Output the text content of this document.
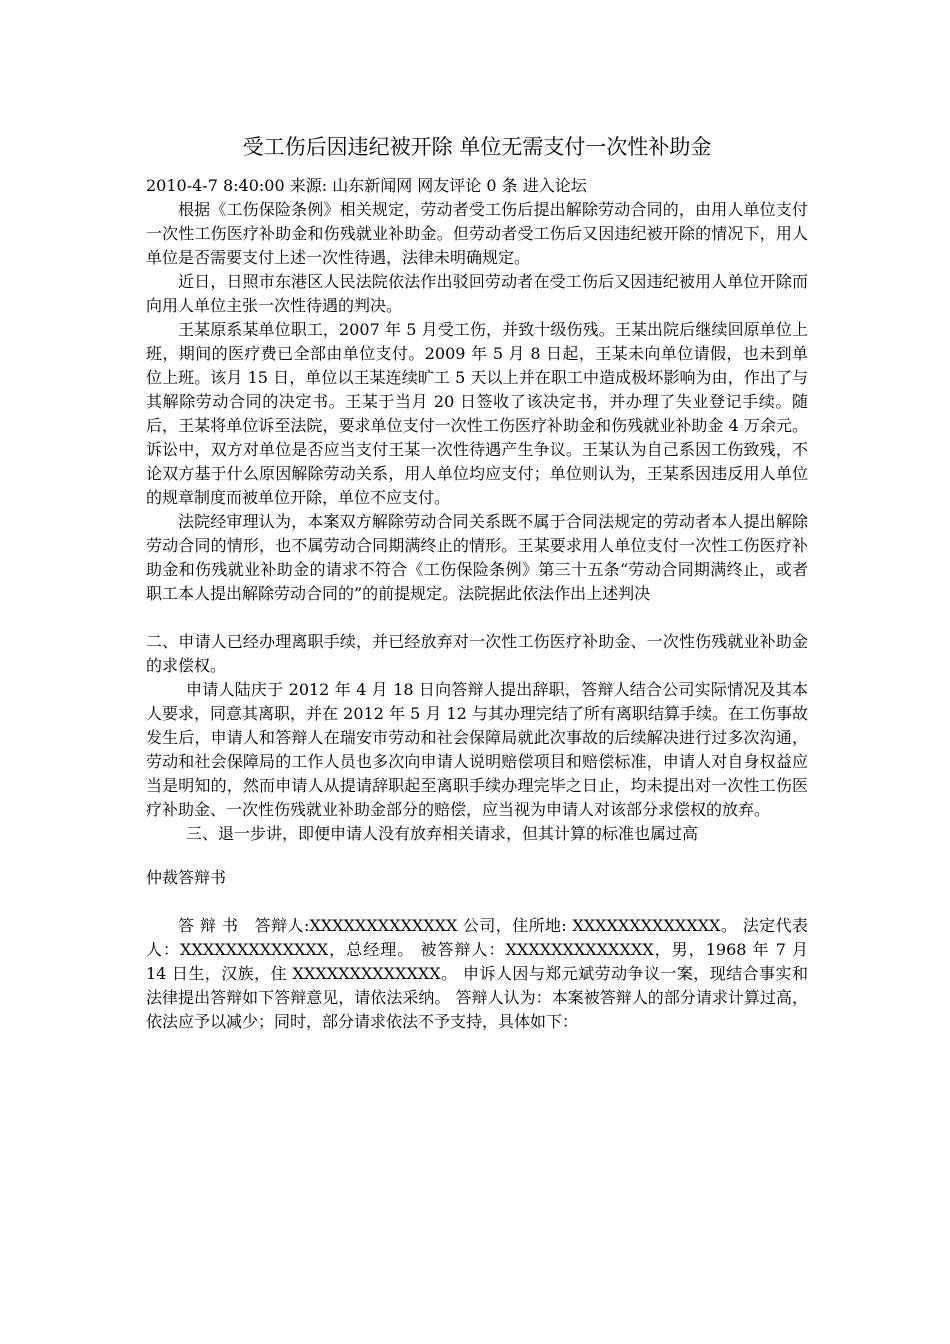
受工伤后因违纪被开除 单位无需支付一次性补助金

2010-4-7 8:40:00 来源: 山东新闻网 网友评论 0 条 进入论坛

根据《工伤保险条例》相关规定，劳动者受工伤后提出解除劳动合同的，由用人单位支付一次性工伤医疗补助金和伤残就业补助金。但劳动者受工伤后又因违纪被开除的情况下，用人单位是否需要支付上述一次性待遇，法律未明确规定。

近日，日照市东港区人民法院依法作出驳回劳动者在受工伤后又因违纪被用人单位开除而向用人单位主张一次性待遇的判决。

王某原系某单位职工，2007 年 5 月受工伤，并致十级伤残。王某出院后继续回原单位上班，期间的医疗费已全部由单位支付。2009 年 5 月 8 日起，王某未向单位请假，也未到单位上班。该月 15 日，单位以王某连续旷工 5 天以上并在职工中造成极坏影响为由，作出了与其解除劳动合同的决定书。王某于当月 20 日签收了该决定书，并办理了失业登记手续。随后，王某将单位诉至法院，要求单位支付一次性工伤医疗补助金和伤残就业补助金 4 万余元。诉讼中，双方对单位是否应当支付王某一次性待遇产生争议。王某认为自己系因工伤致残，不论双方基于什么原因解除劳动关系，用人单位均应支付；单位则认为，王某系因违反用人单位的规章制度而被单位开除，单位不应支付。

法院经审理认为，本案双方解除劳动合同关系既不属于合同法规定的劳动者本人提出解除劳动合同的情形，也不属劳动合同期满终止的情形。王某要求用人单位支付一次性工伤医疗补助金和伤残就业补助金的请求不符合《工伤保险条例》第三十五条“劳动合同期满终止，或者职工本人提出解除劳动合同的”的前提规定。法院据此依法作出上述判决

二、申请人已经办理离职手续，并已经放弃对一次性工伤医疗补助金、一次性伤残就业补助金的求偿权。

申请人陆庆于 2012 年 4 月 18 日向答辩人提出辞职，答辩人结合公司实际情况及其本人要求，同意其离职，并在 2012 年 5 月 12 与其办理完结了所有离职结算手续。在工伤事故发生后，申请人和答辩人在瑞安市劳动和社会保障局就此次事故的后续解决进行过多次沟通，劳动和社会保障局的工作人员也多次向申请人说明赔偿项目和赔偿标准，申请人对自身权益应当是明知的，然而申请人从提请辞职起至离职手续办理完毕之日止，均未提出对一次性工伤医疗补助金、一次性伤残就业补助金部分的赔偿，应当视为申请人对该部分求偿权的放弃。

三、退一步讲，即便申请人没有放弃相关请求，但其计算的标准也属过高

仲裁答辩书

答 辩 书　答辩人:XXXXXXXXXXXXX 公司，住所地: XXXXXXXXXXXXX。 法定代表人：XXXXXXXXXXXXX，总经理。 被答辩人：XXXXXXXXXXXXX，男，1968 年 7 月 14 日生，汉族，住 XXXXXXXXXXXXX。 申诉人因与郑元斌劳动争议一案，现结合事实和法律提出答辩如下答辩意见，请依法采纳。 答辩人认为：本案被答辩人的部分请求计算过高，依法应予以减少；同时，部分请求依法不予支持，具体如下：
